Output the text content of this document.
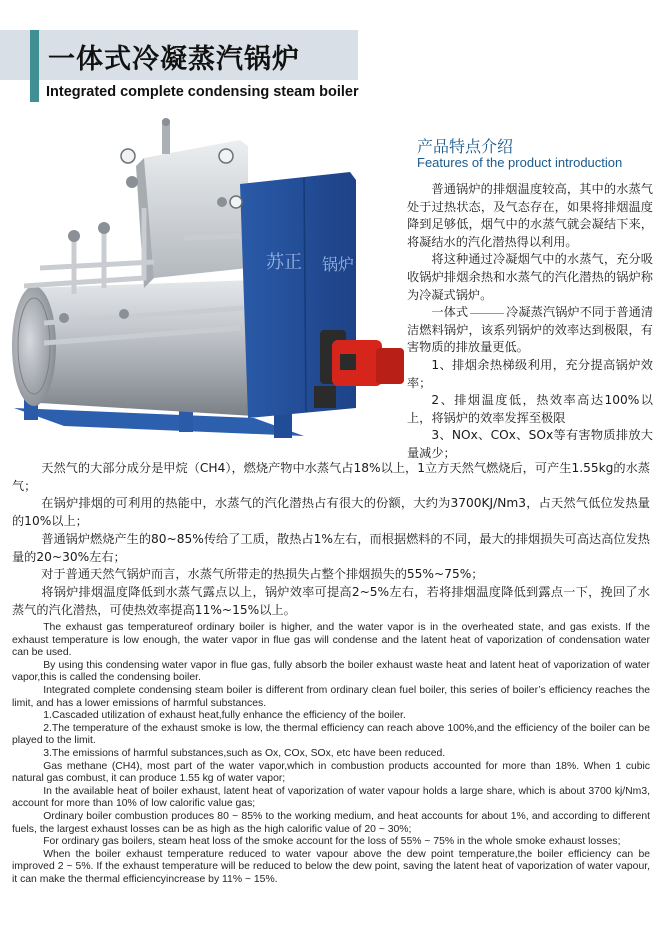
一体式冷凝蒸汽锅炉
Integrated complete condensing steam boiler
苏正 锅炉
产品特点介绍
Features of the product introduction

普通锅炉的排烟温度较高，其中的水蒸气处于过热状态，及气态存在，如果将排烟温度降到足够低，烟气中的水蒸气就会凝结下来，将凝结水的汽化潜热得以利用。

将这种通过冷凝烟气中的水蒸气，充分吸收锅炉排烟余热和水蒸气的汽化潜热的锅炉称为冷凝式锅炉。

一体式	冷凝蒸汽锅炉不同于普通清洁燃料锅炉，该系列锅炉的效率达到极限，有害物质的排放量更低。

1、排烟余热梯级利用，充分提高锅炉效率；

2、排烟温度低，热效率高达100%以上，将锅炉的效率发挥至极限

3、NOx、COx、SOx等有害物质排放大量减少；

天然气的大部分成分是甲烷（CH4），燃烧产物中水蒸气占18%以上，1立方天然气燃烧后，可产生1.55kg的水蒸气；

在锅炉排烟的可利用的热能中，水蒸气的汽化潜热占有很大的份额，大约为3700KJ/Nm3，占天然气低位发热量的10%以上；

普通锅炉燃烧产生的80~85%传给了工质，散热占1%左右，而根据燃料的不同，最大的排烟损失可高达高位发热量的20~30%左右；

对于普通天然气锅炉而言，水蒸气所带走的热损失占整个排烟损失的55%~75%；

将锅炉排烟温度降低到水蒸气露点以上，锅炉效率可提高2~5%左右，若将排烟温度降低到露点一下，挽回了水蒸气的汽化潜热，可使热效率提高11%~15%以上。

The exhaust gas temperatureof ordinary boiler is higher, and the water vapor is in the overheated state, and gas exists. If the exhaust temperature is low enough, the water vapor in flue gas will condense and the latent heat of vaporization of condensation water can be used.

By using this condensing water vapor in flue gas, fully absorb the boiler exhaust waste heat and latent heat of vaporization of water vapor,this is called the condensing boiler.

Integrated complete condensing steam boiler is different from ordinary clean fuel boiler, this series of boiler’s efficiency reaches the limit, and has a lower emissions of harmful substances.

1.Cascaded utilization of exhaust heat,fully enhance the efficiency of the boiler.

2.The temperature of the exhaust smoke is low, the thermal efficiency can reach above 100%,and the efficiency of the boiler can be played to the limit.

3.The emissions of harmful substances,such as Ox, COx, SOx, etc have been reduced.

Gas methane (CH4), most part of the water vapor,which in combustion products accounted for more than 18%. When 1 cubic natural gas combust, it can produce 1.55 kg of water vapor;

In the available heat of boiler exhaust, latent heat of vaporization of water vapour holds a large share, which is about 3700 kj/Nm3, account for more than 10% of low calorific value gas;

Ordinary boiler combustion produces 80 ~ 85% to the working medium, and heat accounts for about 1%, and according to different fuels, the largest exhaust losses can be as high as the high calorific value of 20 ~ 30%;

For ordinary gas boilers, steam heat loss of the smoke account for the loss of 55% ~ 75% in the whole smoke exhaust losses;

When the boiler exhaust temperature reduced to water vapour above the dew point temperature,the boiler efficiency can be improved 2 ~ 5%. If the exhaust temperature will be reduced to below the dew point, saving the latent heat of vaporization of water vapour, it can make the thermal efficiencyincrease by 11% ~ 15%.
